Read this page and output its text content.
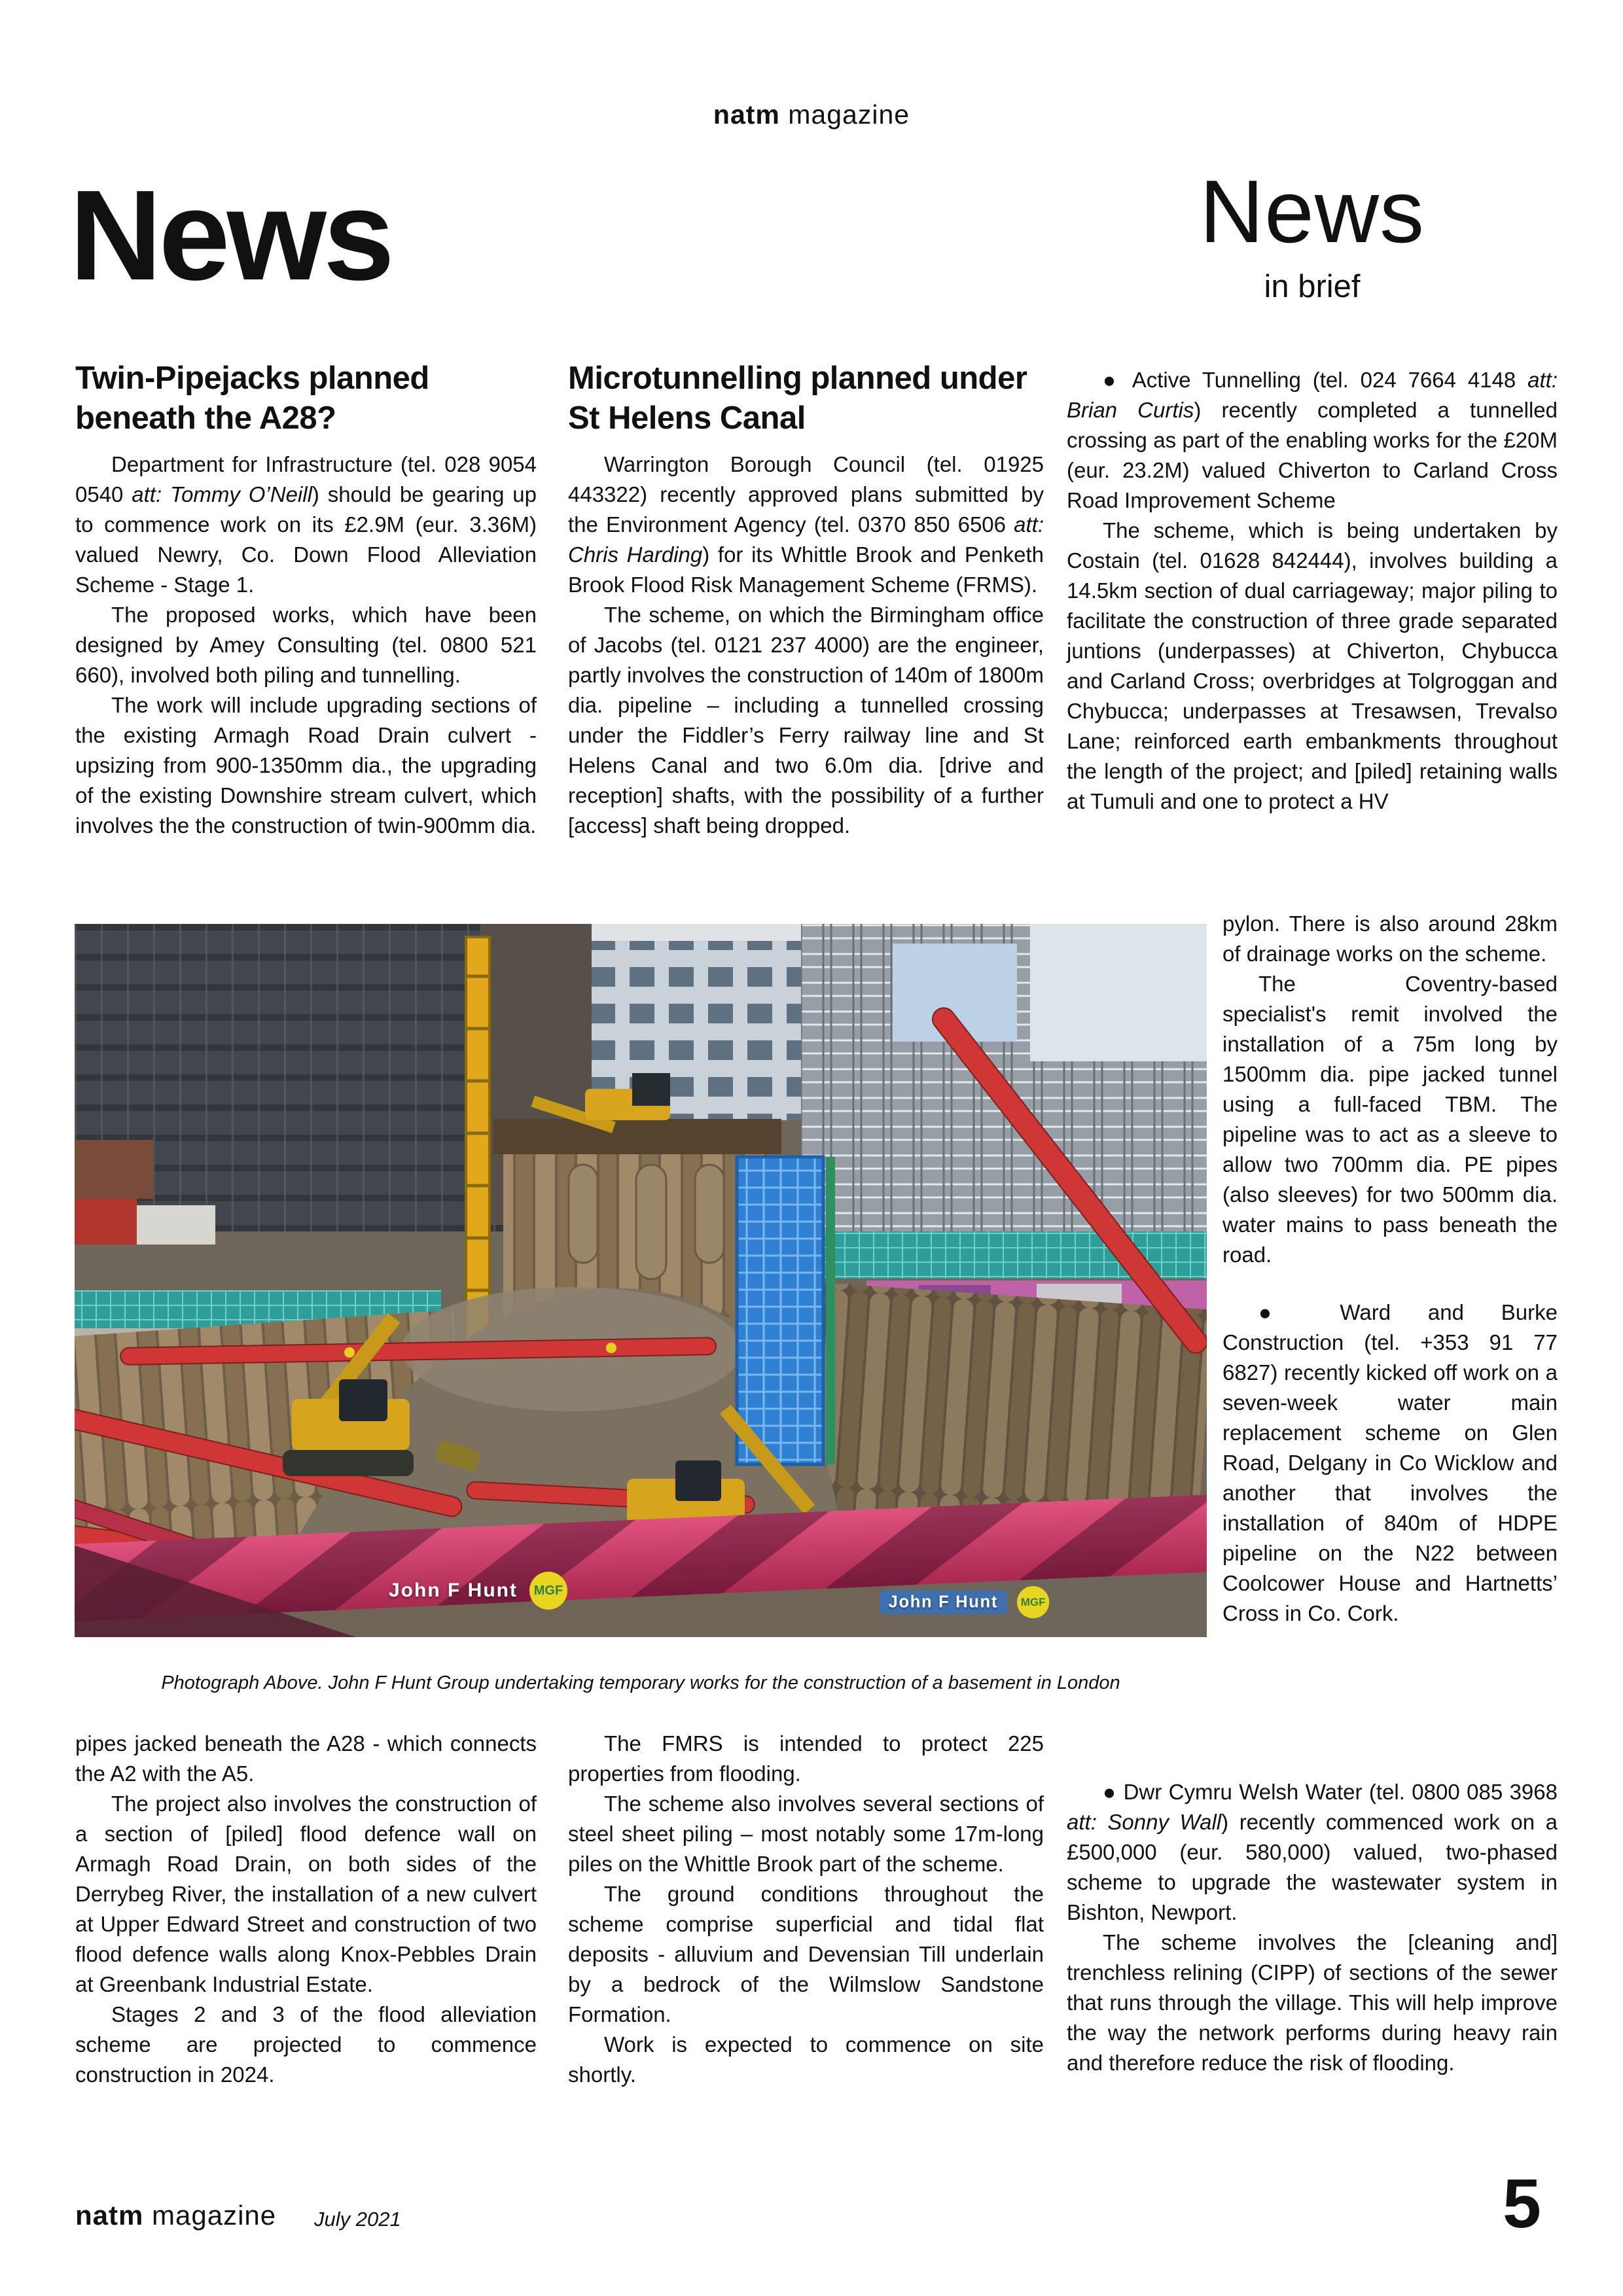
natm magazine
News	News
in brief
Twin-Pipejacks planned beneath the A28?

Department for Infrastructure (tel. 028 9054 0540 att: Tommy O’Neill) should be gearing up to commence work on its £2.9M (eur. 3.36M) valued Newry, Co. Down Flood Alleviation Scheme - Stage 1.

The proposed works, which have been designed by Amey Consulting (tel. 0800 521 660), involved both piling and tunnelling.

The work will include upgrading sections of the existing Armagh Road Drain culvert - upsizing from 900-1350mm dia., the upgrading of the existing Downshire stream culvert, which involves the the construction of twin-900mm dia.

Microtunnelling planned under St Helens Canal

Warrington Borough Council (tel. 01925 443322) recently approved plans submitted by the Environment Agency (tel. 0370 850 6506 att: Chris Harding) for its Whittle Brook and Penketh Brook Flood Risk Management Scheme (FRMS).

The scheme, on which the Birmingham office of Jacobs (tel. 0121 237 4000) are the engineer, partly involves the construction of 140m of 1800m dia. pipeline – including a tunnelled crossing under the Fiddler’s Ferry railway line and St Helens Canal and two 6.0m dia. [drive and reception] shafts, with the possibility of a further [access] shaft being dropped.

● Active Tunnelling (tel. 024 7664 4148 att: Brian Curtis) recently completed a tunnelled crossing as part of the enabling works for the £20M (eur. 23.2M) valued Chiverton to Carland Cross Road Improvement Scheme

The scheme, which is being undertaken by Costain (tel. 01628 842444), involves building a 14.5km section of dual carriageway; major piling to facilitate the construction of three grade separated juntions (underpasses) at Chiverton, Chybucca and Carland Cross; overbridges at Tolgroggan and Chybucca; underpasses at Tresawsen, Trevalso Lane; reinforced earth embankments throughout the length of the project; and [piled] retaining walls at Tumuli and one to protect a HV

pylon. There is also around 28km of drainage works on the scheme.

The Coventry-based specialist's remit involved the installation of a 75m long by 1500mm dia. pipe jacked tunnel using a full-faced TBM. The pipeline was to act as a sleeve to allow two 700mm dia. PE pipes (also sleeves) for two 500mm dia. water mains to pass beneath the road.

● Ward and Burke Construction (tel. +353 91 77 6827) recently kicked off work on a seven-week water main replacement scheme on Glen Road, Delgany in Co Wicklow and another that involves the installation of 840m of HDPE pipeline on the N22 between Coolcower House and Hartnetts’ Cross in Co. Cork.

● Dwr Cymru Welsh Water (tel. 0800 085 3968 att: Sonny Wall) recently commenced work on a £500,000 (eur. 580,000) valued, two-phased scheme to upgrade the wastewater system in Bishton, Newport.

The scheme involves the [cleaning and] trenchless relining (CIPP) of sections of the sewer that runs through the village. This will help improve the way the network performs during heavy rain and therefore reduce the risk of flooding.

John F Hunt MGF
John F Hunt	MGF
Photograph Above. John F Hunt Group undertaking temporary works for the construction of a basement in London

pipes jacked beneath the A28 - which connects the A2 with the A5.

The project also involves the construction of a section of [piled] flood defence wall on Armagh Road Drain, on both sides of the Derrybeg River, the installation of a new culvert at Upper Edward Street and construction of two flood defence walls along Knox-Pebbles Drain at Greenbank Industrial Estate.

Stages 2 and 3 of the flood alleviation scheme are projected to commence construction in 2024.

The FMRS is intended to protect 225 properties from flooding.

The scheme also involves several sections of steel sheet piling – most notably some 17m-long piles on the Whittle Brook part of the scheme.

The ground conditions throughout the scheme comprise superficial and tidal flat deposits - alluvium and Devensian Till underlain by a bedrock of the Wilmslow Sandstone Formation.

Work is expected to commence on site shortly.

natm magazine July 2021	5
